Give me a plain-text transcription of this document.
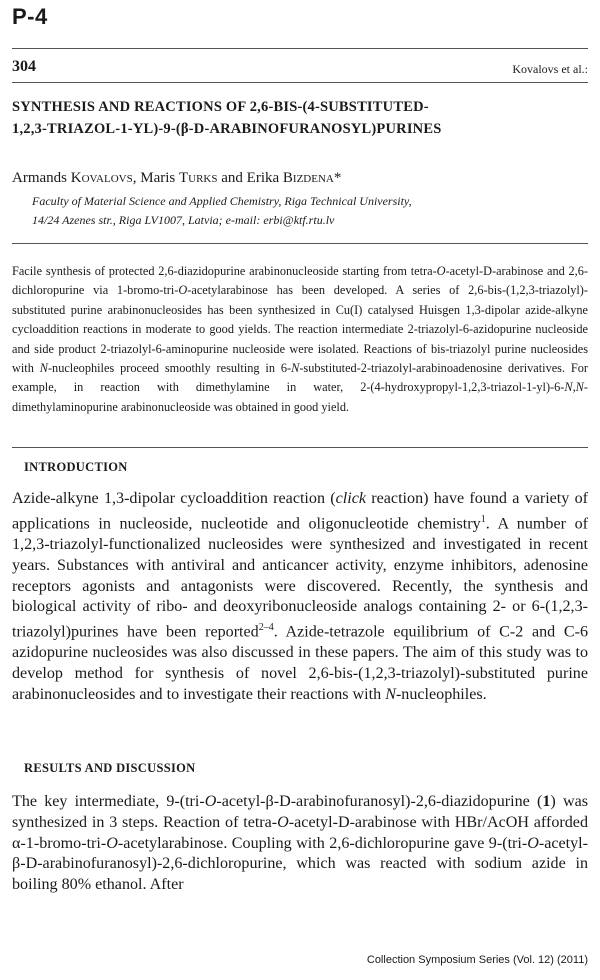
P-4
304	Kovalovs et al.:
SYNTHESIS AND REACTIONS OF 2,6-BIS-(4-SUBSTITUTED-
1,2,3-TRIAZOL-1-YL)-9-(β-D-ARABINOFURANOSYL)PURINES
Armands Kovalovs, Maris Turks and Erika Bizdena*
Faculty of Material Science and Applied Chemistry, Riga Technical University,
14/24 Azenes str., Riga LV1007, Latvia; e-mail: erbi@ktf.rtu.lv

Facile synthesis of protected 2,6-diazidopurine arabinonucleoside starting from tetra-O-acetyl-D-arabinose and 2,6-dichloropurine via 1-bromo-tri-O-acetylarabinose has been developed. A series of 2,6-bis-(1,2,3-triazolyl)-substituted purine arabinonucleosides has been synthesized in Cu(I) catalysed Huisgen 1,3-dipolar azide-alkyne cycloaddition reactions in moderate to good yields. The reaction intermediate 2-triazolyl-6-azidopurine nucleoside and side product 2-triazolyl-6-aminopurine nucleoside were isolated. Reactions of bis-triazolyl purine nucleosides with N-nucleophiles proceed smoothly resulting in 6-N-substituted-2-triazolyl-arabinoadenosine derivatives. For example, in reaction with dimethylamine in water, 2-(4-hydroxypropyl-1,2,3-triazol-1-yl)-6-N,N-dimethylaminopurine arabinonucleoside was obtained in good yield.

INTRODUCTION

Azide-alkyne 1,3-dipolar cycloaddition reaction (click reaction) have found a variety of applications in nucleoside, nucleotide and oligonucleotide chemistry$^1$. A number of 1,2,3-triazolyl-functionalized nucleosides were synthesized and investigated in recent years. Substances with antiviral and anticancer activity, enzyme inhibitors, adenosine receptors agonists and antagonists were discovered. Recently, the synthesis and biological activity of ribo- and deoxyribonucleoside analogs containing 2- or 6-(1,2,3-triazolyl)purines have been reported$^{2-4}$. Azide-tetrazole equilibrium of C-2 and C-6 azidopurine nucleosides was also discussed in these papers. The aim of this study was to develop method for synthesis of novel 2,6-bis-(1,2,3-triazolyl)-substituted purine arabinonucleosides and to investigate their reactions with N-nucleophiles.

RESULTS AND DISCUSSION

The key intermediate, 9-(tri-O-acetyl-β-D-arabinofuranosyl)-2,6-diazidopurine (1) was synthesized in 3 steps. Reaction of tetra-O-acetyl-D-arabinose with HBr/AcOH afforded α-1-bromo-tri-O-acetylarabinose. Coupling with 2,6-dichloropurine gave 9-(tri-O-acetyl-β-D-arabinofuranosyl)-2,6-dichloropurine, which was reacted with sodium azide in boiling 80% ethanol. After

Collection Symposium Series (Vol. 12) (2011)
